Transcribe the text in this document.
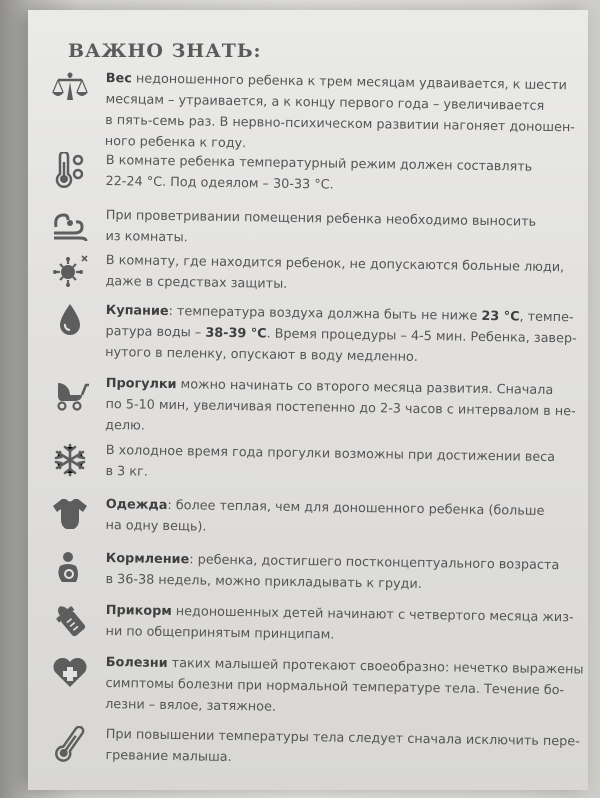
ВАЖНО ЗНАТЬ:
Вес недоношенного ребенка к трем месяцам удваивается, к шести
месяцам – утраивается, а к концу первого года – увеличивается
в пять-семь раз. В нервно-психическом развитии нагоняет доношен-
ного ребенка к году.
В комнате ребенка температурный режим должен составлять
22-24 °С. Под одеялом – 30-33 °С.
При проветривании помещения ребенка необходимо выносить
из комнаты.
В комнату, где находится ребенок, не допускаются больные люди,
даже в средствах защиты.
Купание: температура воздуха должна быть не ниже 23 °С, темпе-
ратура воды – 38-39 °С. Время процедуры – 4-5 мин. Ребенка, завер-
нутого в пеленку, опускают в воду медленно.
Прогулки можно начинать со второго месяца развития. Сначала
по 5-10 мин, увеличивая постепенно до 2-3 часов с интервалом в не-
делю.
В холодное время года прогулки возможны при достижении веса
в 3 кг.
Одежда: более теплая, чем для доношенного ребенка (больше
на одну вещь).
Кормление: ребенка, достигшего постконцептуального возраста
в 36-38 недель, можно прикладывать к груди.
Прикорм недоношенных детей начинают с четвертого месяца жиз-
ни по общепринятым принципам.
Болезни таких малышей протекают своеобразно: нечетко выражены
симптомы болезни при нормальной температуре тела. Течение бо-
лезни – вялое, затяжное.
При повышении температуры тела следует сначала исключить пере-
гревание малыша.
